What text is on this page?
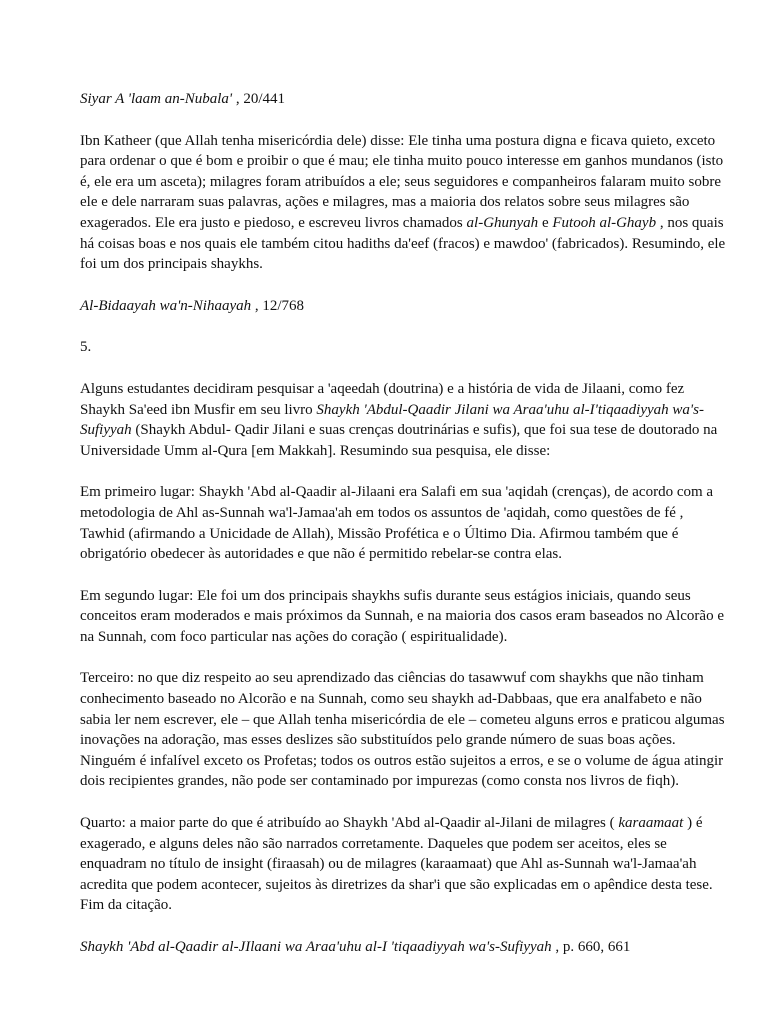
Siyar A 'laam an-Nubala' , 20/441

Ibn Katheer (que Allah tenha misericórdia dele) disse: Ele tinha uma postura digna e ficava quieto, exceto para ordenar o que é bom e proibir o que é mau; ele tinha muito pouco interesse em ganhos mundanos (isto é, ele era um asceta); milagres foram atribuídos a ele; seus seguidores e companheiros falaram muito sobre ele e dele narraram suas palavras, ações e milagres, mas a maioria dos relatos sobre seus milagres são exagerados. Ele era justo e piedoso, e escreveu livros chamados al-Ghunyah e Futooh al-Ghayb , nos quais há coisas boas e nos quais ele também citou hadiths da'eef (fracos) e mawdoo' (fabricados). Resumindo, ele foi um dos principais shaykhs.

Al-Bidaayah wa'n-Nihaayah , 12/768

5.

Alguns estudantes decidiram pesquisar a 'aqeedah (doutrina) e a história de vida de Jilaani, como fez Shaykh Sa'eed ibn Musfir em seu livro Shaykh 'Abdul-Qaadir Jilani wa Araa'uhu al-I'tiqaadiyyah wa's-Sufiyyah (Shaykh Abdul- Qadir Jilani e suas crenças doutrinárias e sufis), que foi sua tese de doutorado na Universidade Umm al-Qura [em Makkah]. Resumindo sua pesquisa, ele disse:

Em primeiro lugar: Shaykh 'Abd al-Qaadir al-Jilaani era Salafi em sua 'aqidah (crenças), de acordo com a metodologia de Ahl as-Sunnah wa'l-Jamaa'ah em todos os assuntos de 'aqidah, como questões de fé , Tawhid (afirmando a Unicidade de Allah), Missão Profética e o Último Dia. Afirmou também que é obrigatório obedecer às autoridades e que não é permitido rebelar-se contra elas.

Em segundo lugar: Ele foi um dos principais shaykhs sufis durante seus estágios iniciais, quando seus conceitos eram moderados e mais próximos da Sunnah, e na maioria dos casos eram baseados no Alcorão e na Sunnah, com foco particular nas ações do coração ( espiritualidade).

Terceiro: no que diz respeito ao seu aprendizado das ciências do tasawwuf com shaykhs que não tinham conhecimento baseado no Alcorão e na Sunnah, como seu shaykh ad-Dabbaas, que era analfabeto e não sabia ler nem escrever, ele – que Allah tenha misericórdia de ele – cometeu alguns erros e praticou algumas inovações na adoração, mas esses deslizes são substituídos pelo grande número de suas boas ações. Ninguém é infalível exceto os Profetas; todos os outros estão sujeitos a erros, e se o volume de água atingir dois recipientes grandes, não pode ser contaminado por impurezas (como consta nos livros de fiqh).

Quarto: a maior parte do que é atribuído ao Shaykh 'Abd al-Qaadir al-Jilani de milagres ( karaamaat ) é exagerado, e alguns deles não são narrados corretamente. Daqueles que podem ser aceitos, eles se enquadram no título de insight (firaasah) ou de milagres (karaamaat) que Ahl as-Sunnah wa'l-Jamaa'ah acredita que podem acontecer, sujeitos às diretrizes da shar'i que são explicadas em o apêndice desta tese. Fim da citação.

Shaykh 'Abd al-Qaadir al-JIlaani wa Araa'uhu al-I 'tiqaadiyyah wa's-Sufiyyah , p. 660, 661
